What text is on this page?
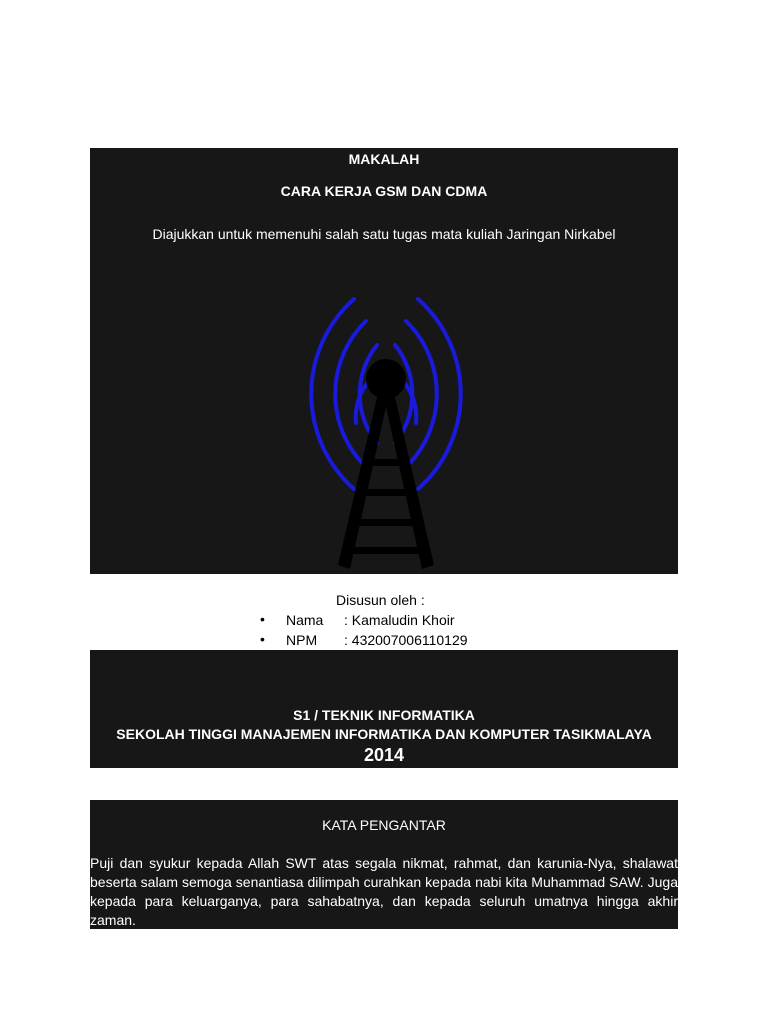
MAKALAH
CARA KERJA GSM DAN CDMA
Diajukkan untuk memenuhi salah satu tugas mata kuliah Jaringan Nirkabel
Disusun oleh :
• Nama : Kamaludin Khoir
• NPM : 432007006110129
S1 / TEKNIK INFORMATIKA
SEKOLAH TINGGI MANAJEMEN INFORMATIKA DAN KOMPUTER TASIKMALAYA
2014
KATA PENGANTAR

Puji dan syukur kepada Allah SWT atas segala nikmat, rahmat, dan karunia-Nya, shalawat beserta salam semoga senantiasa dilimpah curahkan kepada nabi kita Muhammad SAW. Juga kepada para keluarganya, para sahabatnya, dan kepada seluruh umatnya hingga akhir zaman.
